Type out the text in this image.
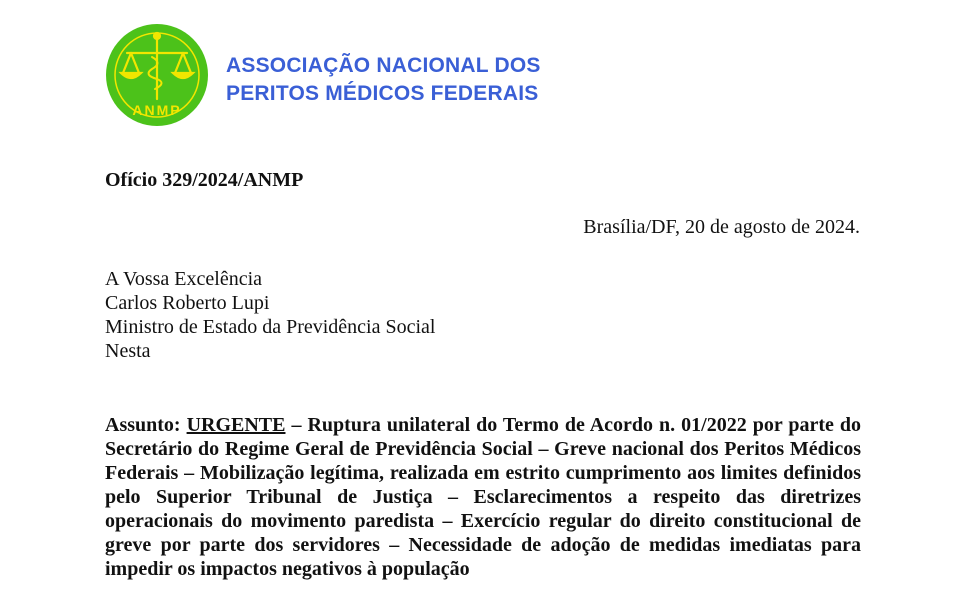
ANMP
ASSOCIAÇÃO NACIONAL DOS
PERITOS MÉDICOS FEDERAIS
Ofício 329/2024/ANMP
Brasília/DF, 20 de agosto de 2024.
A Vossa Excelência
Carlos Roberto Lupi
Ministro de Estado da Previdência Social
Nesta
Assunto: URGENTE – Ruptura unilateral do Termo de Acordo n. 01/2022 por parte do Secretário do Regime Geral de Previdência Social – Greve nacional dos Peritos Médicos Federais – Mobilização legítima, realizada em estrito cumprimento aos limites definidos pelo Superior Tribunal de Justiça – Esclarecimentos a respeito das diretrizes operacionais do movimento paredista – Exercício regular do direito constitucional de greve por parte dos servidores – Necessidade de adoção de medidas imediatas para impedir os impactos negativos à população
